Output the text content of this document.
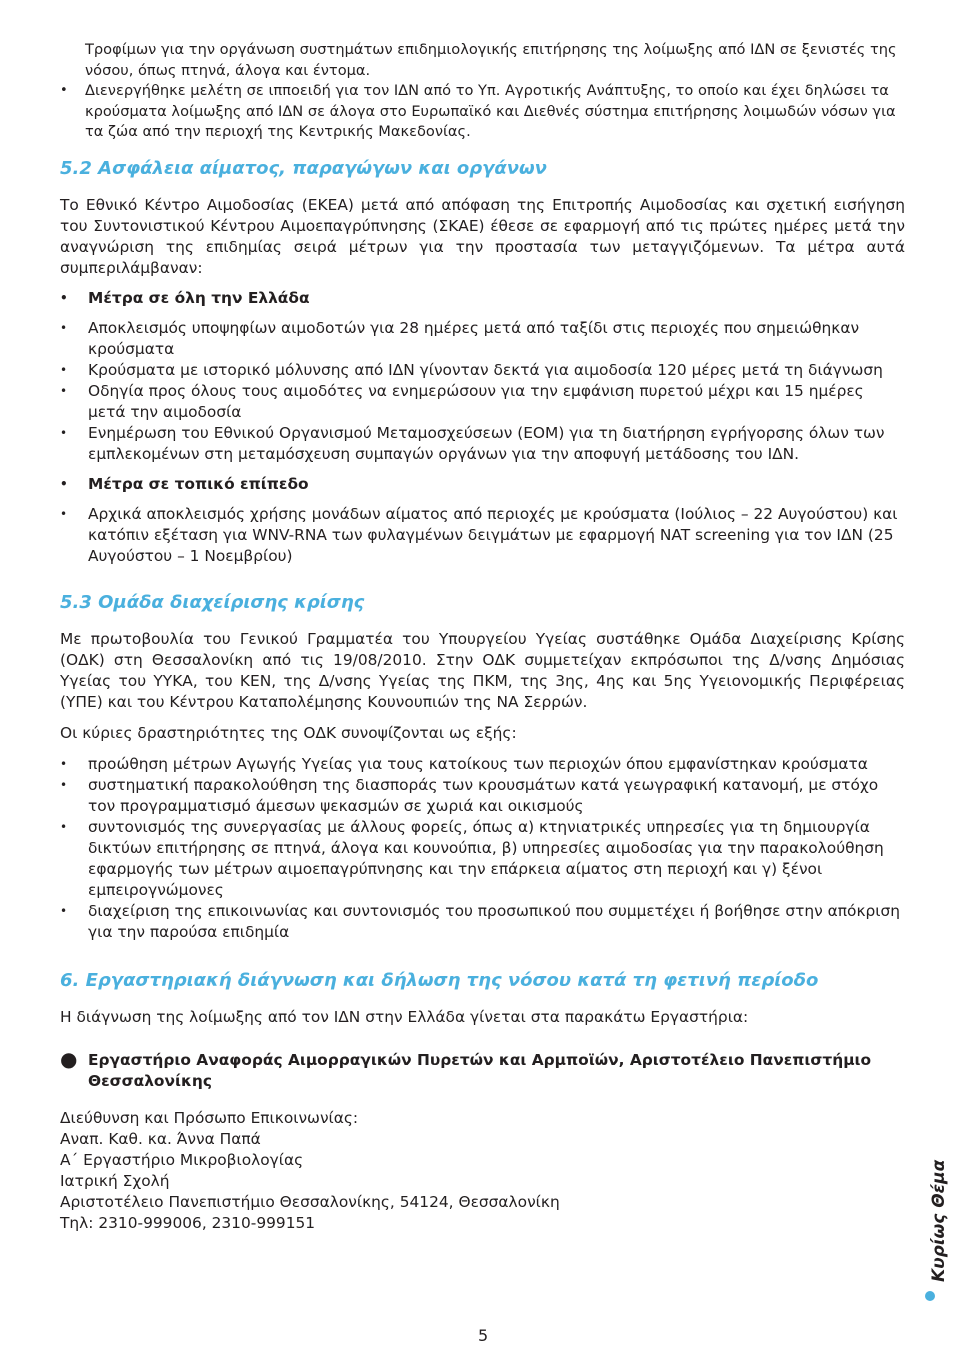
Τροφίμων για την οργάνωση συστημάτων επιδημιολογικής επιτήρησης της λοίμωξης από ΙΔΝ σε ξενιστές της νόσου, όπως πτηνά, άλογα και έντομα.

• Διενεργήθηκε μελέτη σε ιπποειδή για τον ΙΔΝ από το Υπ. Αγροτικής Ανάπτυξης, το οποίο και έχει δηλώσει τα κρούσματα λοίμωξης από ΙΔΝ σε άλογα στο Ευρωπαϊκό και Διεθνές σύστημα επιτήρησης λοιμωδών νόσων για τα ζώα από την περιοχή της Κεντρικής Μακεδονίας.
5.2 Ασφάλεια αίματος, παραγώγων και οργάνων

Το Εθνικό Κέντρο Αιμοδοσίας (ΕΚΕΑ) μετά από απόφαση της Επιτροπής Αιμοδοσίας και σχετική εισήγηση του Συντονιστικού Κέντρου Αιμοεπαγρύπνησης (ΣΚΑΕ) έθεσε σε εφαρμογή από τις πρώτες ημέρες μετά την αναγνώριση της επιδημίας σειρά μέτρων για την προστασία των μεταγγιζόμενων. Τα μέτρα αυτά συμπεριλάμβαναν:

• Μέτρα σε όλη την Ελλάδα
• Αποκλεισμός υποψηφίων αιμοδοτών για 28 ημέρες μετά από ταξίδι στις περιοχές που σημειώθηκαν κρούσματα
• Κρούσματα με ιστορικό μόλυνσης από ΙΔΝ γίνονταν δεκτά για αιμοδοσία 120 μέρες μετά τη διάγνωση
• Οδηγία προς όλους τους αιμοδότες να ενημερώσουν για την εμφάνιση πυρετού μέχρι και 15 ημέρες μετά την αιμοδοσία
• Ενημέρωση του Εθνικού Οργανισμού Μεταμοσχεύσεων (ΕΟΜ) για τη διατήρηση εγρήγορσης όλων των εμπλεκομένων στη μεταμόσχευση συμπαγών οργάνων για την αποφυγή μετάδοσης του ΙΔΝ.
• Μέτρα σε τοπικό επίπεδο
• Αρχικά αποκλεισμός χρήσης μονάδων αίματος από περιοχές με κρούσματα (Ιούλιος – 22 Αυγούστου) και κατόπιν εξέταση για WNV-RNA των φυλαγμένων δειγμάτων με εφαρμογή NAT screening για τον ΙΔΝ (25 Αυγούστου – 1 Νοεμβρίου)
5.3 Ομάδα διαχείρισης κρίσης

Με πρωτοβουλία του Γενικού Γραμματέα του Υπουργείου Υγείας συστάθηκε Ομάδα Διαχείρισης Κρίσης (ΟΔΚ) στη Θεσσαλονίκη από τις 19/08/2010. Στην ΟΔΚ συμμετείχαν εκπρόσωποι της Δ/νσης Δημόσιας Υγείας του ΥΥΚΑ, του ΚΕΝ, της Δ/νσης Υγείας της ΠΚΜ, της 3ης, 4ης και 5ης Υγειονομικής Περιφέρειας (ΥΠΕ) και του Κέντρου Καταπολέμησης Κουνουπιών της ΝΑ Σερρών.

Οι κύριες δραστηριότητες της ΟΔΚ συνοψίζονται ως εξής:

• προώθηση μέτρων Αγωγής Υγείας για τους κατοίκους των περιοχών όπου εμφανίστηκαν κρούσματα
• συστηματική παρακολούθηση της διασποράς των κρουσμάτων κατά γεωγραφική κατανομή, με στόχο τον προγραμματισμό άμεσων ψεκασμών σε χωριά και οικισμούς
• συντονισμός της συνεργασίας με άλλους φορείς, όπως α) κτηνιατρικές υπηρεσίες για τη δημιουργία δικτύων επιτήρησης σε πτηνά, άλογα και κουνούπια, β) υπηρεσίες αιμοδοσίας για την παρακολούθηση εφαρμογής των μέτρων αιμοεπαγρύπνησης και την επάρκεια αίματος στη περιοχή και γ) ξένοι εμπειρογνώμονες
• διαχείριση της επικοινωνίας και συντονισμός του προσωπικού που συμμετέχει ή βοήθησε στην απόκριση για την παρούσα επιδημία
6. Εργαστηριακή διάγνωση και δήλωση της νόσου κατά τη φετινή περίοδο

Η διάγνωση της λοίμωξης από τον ΙΔΝ στην Ελλάδα γίνεται στα παρακάτω Εργαστήρια:

● Εργαστήριο Αναφοράς Αιμορραγικών Πυρετών και Αρμποϊών, Αριστοτέλειο Πανεπιστήμιο Θεσσαλονίκης
Διεύθυνση και Πρόσωπο Επικοινωνίας:
Αναπ. Καθ. κα. Άννα Παπά
Α΄ Εργαστήριο Μικροβιολογίας
Ιατρική Σχολή
Αριστοτέλειο Πανεπιστήμιο Θεσσαλονίκης, 54124, Θεσσαλονίκη
Τηλ: 2310-999006, 2310-999151	Κυρίως Θέμα
5
